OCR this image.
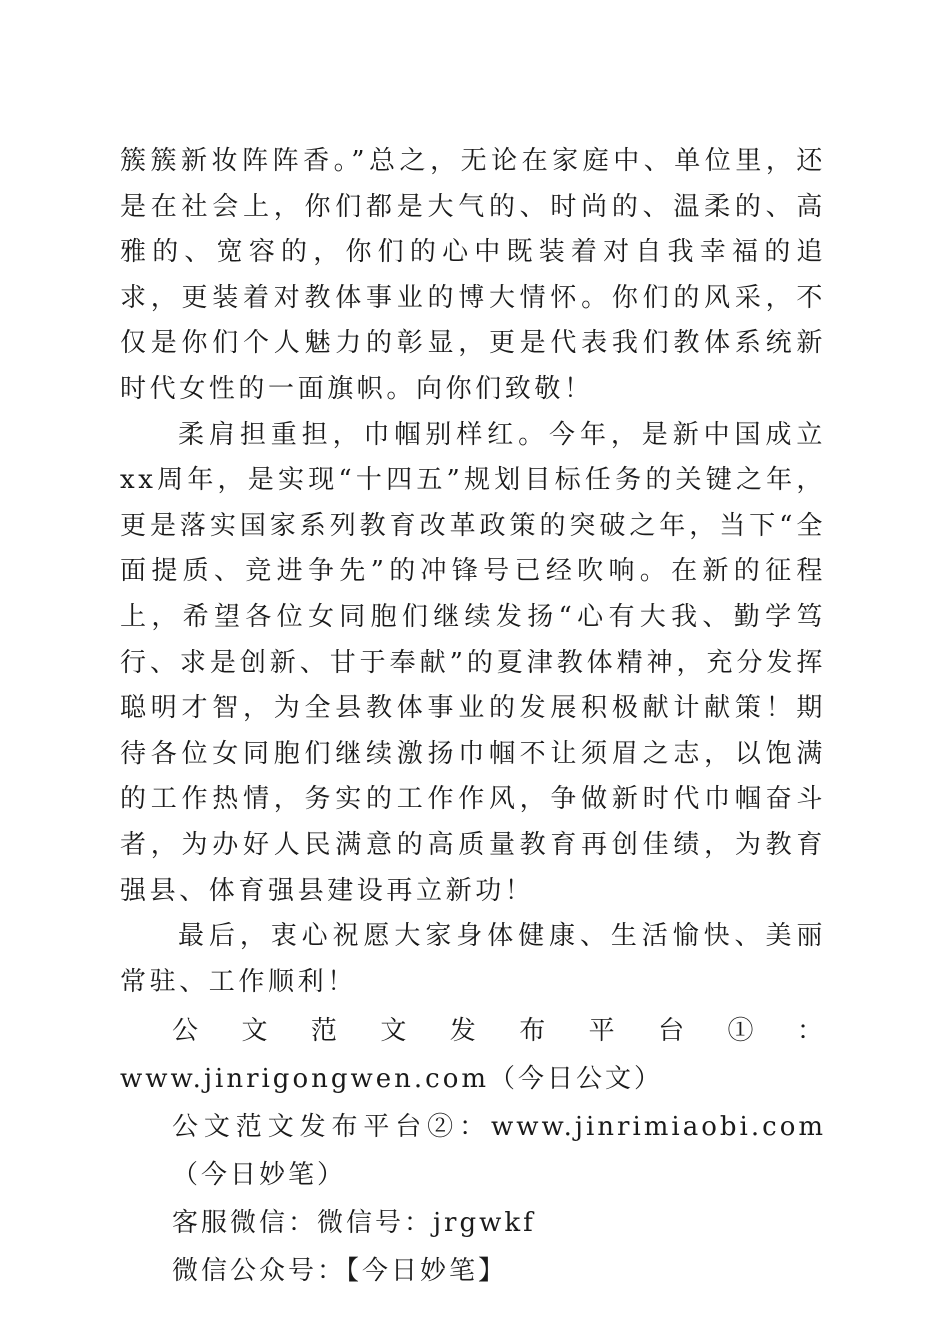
簇簇新妆阵阵香。”总之，无论在家庭中、单位里，还是在社会上，你们都是大气的、时尚的、温柔的、高雅的、宽容的，你们的心中既装着对自我幸福的追求，更装着对教体事业的博大情怀。你们的风采，不仅是你们个人魅力的彰显，更是代表我们教体系统新时代女性的一面旗帜。向你们致敬！

柔肩担重担，巾帼别样红。今年，是新中国成立xx周年，是实现“十四五”规划目标任务的关键之年，更是落实国家系列教育改革政策的突破之年，当下“全面提质、竞进争先”的冲锋号已经吹响。在新的征程上，希望各位女同胞们继续发扬“心有大我、勤学笃行、求是创新、甘于奉献”的夏津教体精神，充分发挥聪明才智，为全县教体事业的发展积极献计献策！期待各位女同胞们继续激扬巾帼不让须眉之志，以饱满的工作热情，务实的工作作风，争做新时代巾帼奋斗者，为办好人民满意的高质量教育再创佳绩，为教育强县、体育强县建设再立新功！

最后，衷心祝愿大家身体健康、生活愉快、美丽常驻、工作顺利！

公文范文发布平台①：www.jinrigongwen.com（今日公文）

公文范文发布平台②：www.jinrimiaobi.com（今日妙笔）

客服微信：微信号：jrgwkf

微信公众号：【今日妙笔】
